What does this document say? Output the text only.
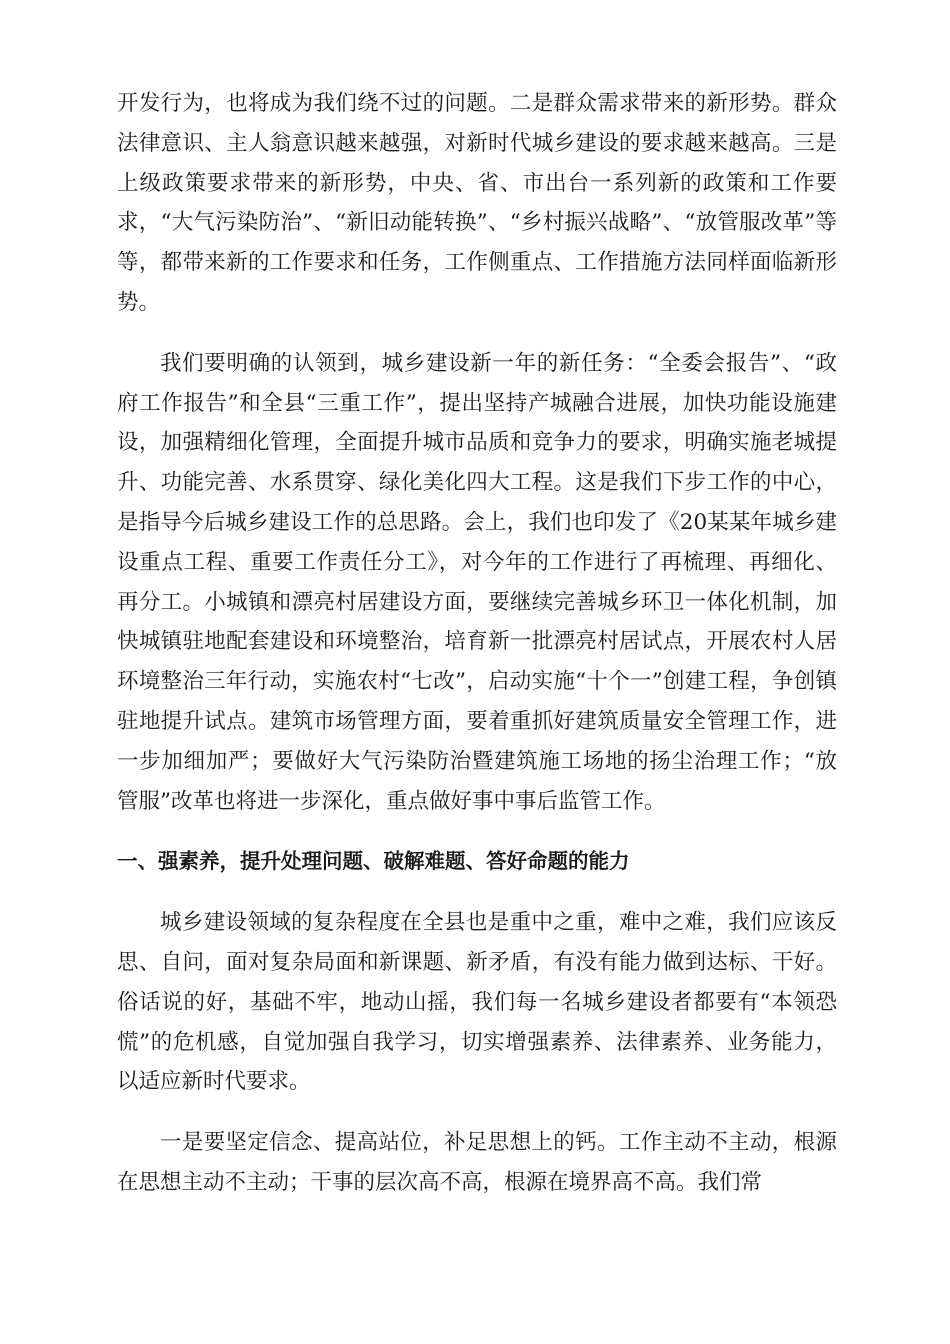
开发行为，也将成为我们绕不过的问题。二是群众需求带来的新形势。群众法律意识、主人翁意识越来越强，对新时代城乡建设的要求越来越高。三是上级政策要求带来的新形势，中央、省、市出台一系列新的政策和工作要求，“大气污染防治”、“新旧动能转换”、“乡村振兴战略”、“放管服改革”等等，都带来新的工作要求和任务，工作侧重点、工作措施方法同样面临新形势。

我们要明确的认领到，城乡建设新一年的新任务：“全委会报告”、“政府工作报告”和全县“三重工作”，提出坚持产城融合进展，加快功能设施建设，加强精细化管理，全面提升城市品质和竞争力的要求，明确实施老城提升、功能完善、水系贯穿、绿化美化四大工程。这是我们下步工作的中心，是指导今后城乡建设工作的总思路。会上，我们也印发了《20某某年城乡建设重点工程、重要工作责任分工》，对今年的工作进行了再梳理、再细化、再分工。小城镇和漂亮村居建设方面，要继续完善城乡环卫一体化机制，加快城镇驻地配套建设和环境整治，培育新一批漂亮村居试点，开展农村人居环境整治三年行动，实施农村“七改”，启动实施“十个一”创建工程，争创镇驻地提升试点。建筑市场管理方面，要着重抓好建筑质量安全管理工作，进一步加细加严；要做好大气污染防治暨建筑施工场地的扬尘治理工作；“放管服”改革也将进一步深化，重点做好事中事后监管工作。

一、强素养，提升处理问题、破解难题、答好命题的能力

城乡建设领域的复杂程度在全县也是重中之重，难中之难，我们应该反思、自问，面对复杂局面和新课题、新矛盾，有没有能力做到达标、干好。俗话说的好，基础不牢，地动山摇，我们每一名城乡建设者都要有“本领恐慌”的危机感，自觉加强自我学习，切实增强素养、法律素养、业务能力，以适应新时代要求。

一是要坚定信念、提高站位，补足思想上的钙。工作主动不主动，根源在思想主动不主动；干事的层次高不高，根源在境界高不高。我们常
